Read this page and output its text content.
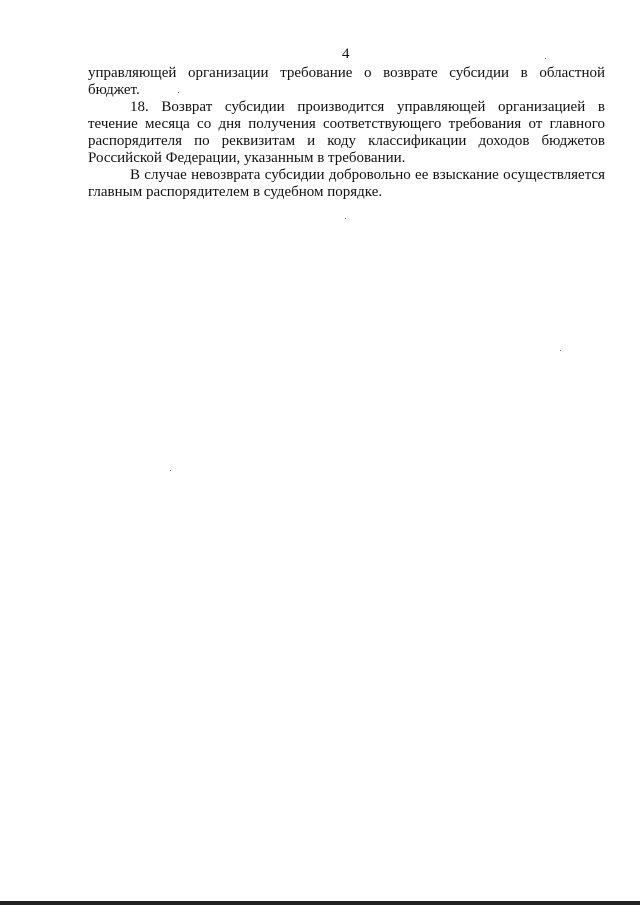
4
управляющей организации требование о возврате субсидии в областной
бюджет.
18. Возврат субсидии производится управляющей организацией в
течение месяца со дня получения соответствующего требования от главного
распорядителя по реквизитам и коду классификации доходов бюджетов
Российской Федерации, указанным в требовании.
В случае невозврата субсидии добровольно ее взыскание осуществляется
главным распорядителем в судебном порядке.
